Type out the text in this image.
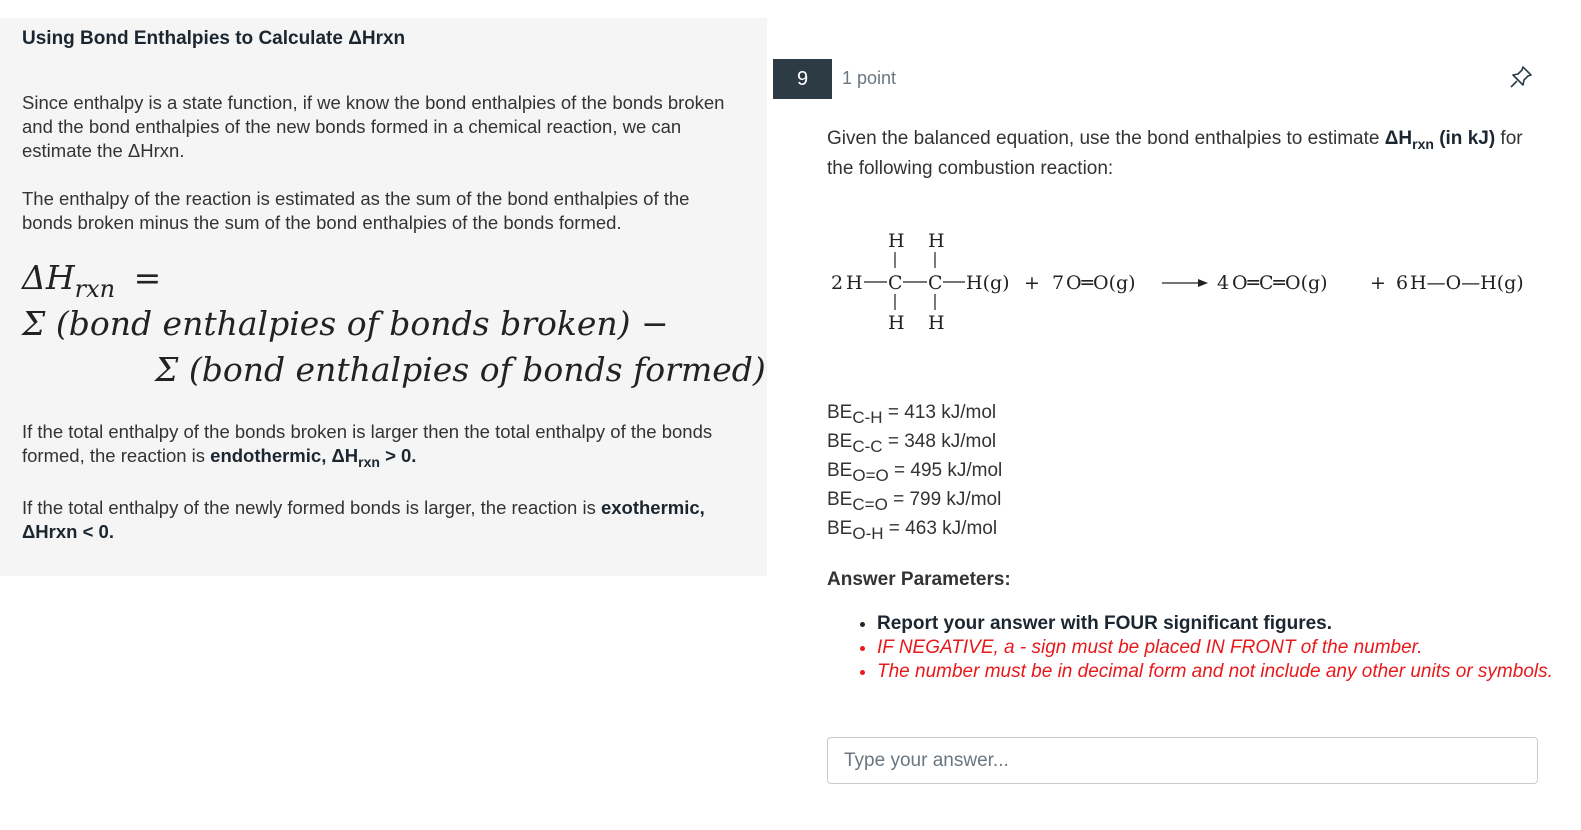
Using Bond Enthalpies to Calculate ΔHrxn
Since enthalpy is a state function, if we know the bond enthalpies of the bonds broken and the bond enthalpies of the new bonds formed in a chemical reaction, we can estimate the ΔHrxn.
The enthalpy of the reaction is estimated as the sum of the bond enthalpies of the bonds broken minus the sum of the bond enthalpies of the bonds formed.
$\Delta H_{rxn}$ =
Σ (bond enthalpies of bonds broken) −
Σ (bond enthalpies of bonds formed)
If the total enthalpy of the bonds broken is larger then the total enthalpy of the bonds formed, the reaction is endothermic, $\Delta H_{rxn} > 0$.
If the total enthalpy of the newly formed bonds is larger, the reaction is exothermic, ΔHrxn < 0.
9	1 point
Given the balanced equation, use the bond enthalpies to estimate $\Delta H_{rxn}$ (in kJ) for the following combustion reaction:
H H
2 H C C H(g)
H H
+ 7 O═O(g)	4 O═C═O(g) + 6 H—O—H(g)
BEC-H = 413 kJ/mol
BEC-C = 348 kJ/mol
BEO=O = 495 kJ/mol
BEC=O = 799 kJ/mol
BEO-H = 463 kJ/mol
Answer Parameters:
• Report your answer with FOUR significant figures.
• IF NEGATIVE, a - sign must be placed IN FRONT of the number.
• The number must be in decimal form and not include any other units or symbols.
Type your answer...
